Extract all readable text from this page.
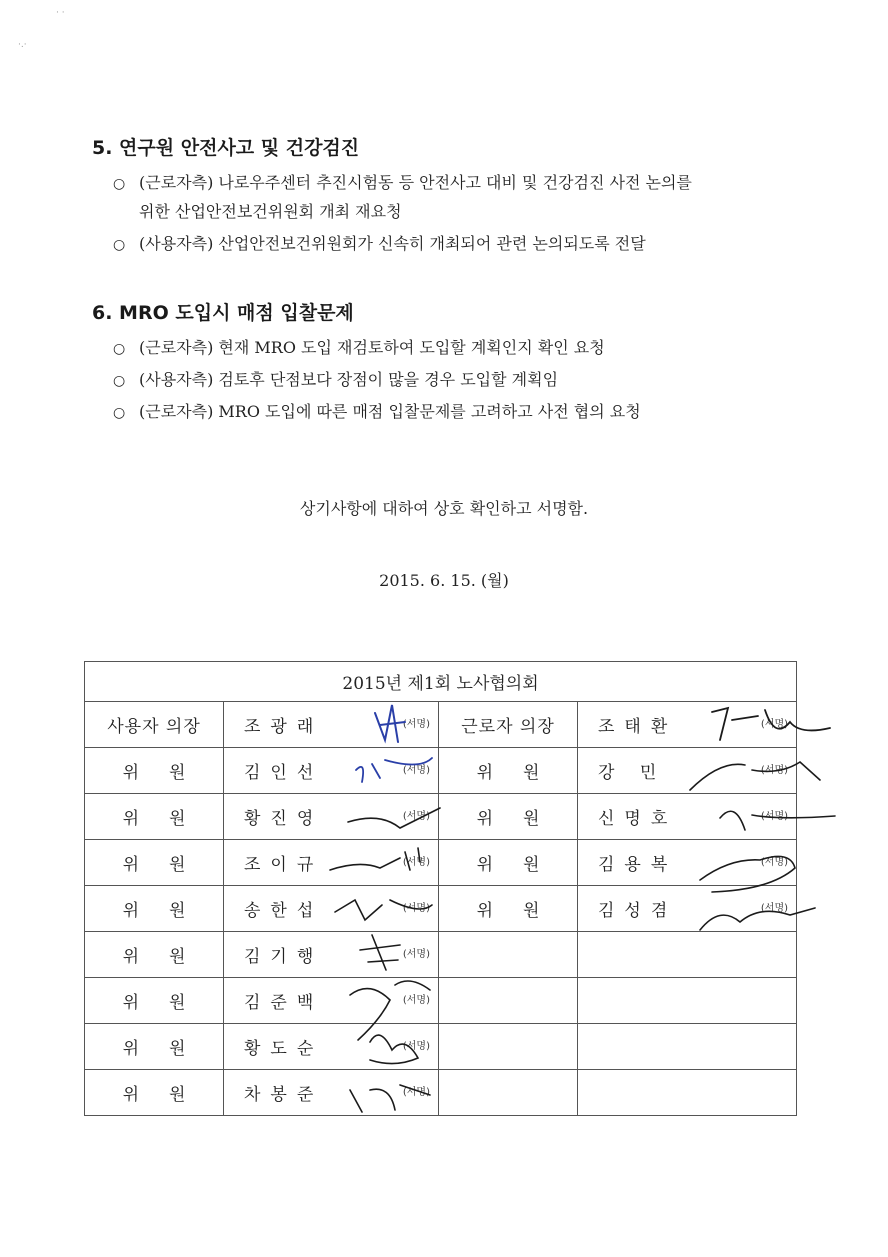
5. 연구원 안전사고 및 건강검진
○ (근로자측) 나로우주센터 추진시험동 등 안전사고 대비 및 건강검진 사전 논의를
위한 산업안전보건위원회 개최 재요청
○ (사용자측) 산업안전보건위원회가 신속히 개최되어 관련 논의되도록 전달
6. MRO 도입시 매점 입찰문제
○ (근로자측) 현재 MRO 도입 재검토하여 도입할 계획인지 확인 요청
○ (사용자측) 검토후 단점보다 장점이 많을 경우 도입할 계획임
○ (근로자측) MRO 도입에 따른 매점 입찰문제를 고려하고 사전 협의 요청
상기사항에 대하여 상호 확인하고 서명함.
2015. 6. 15. (월)
2015년 제1회 노사협의회			
사용자 의장	조광래 (서명)	근로자 의장	조태환 (서명)

위원	김인선 (서명)	위원	강 민 (서명)

위원	황진영 (서명)	위원	신명호 (서명)

위원	조이규 (서명)	위원	김용복 (서명)

위원	송한섭 (서명)	위원	김성겸 (서명)

위원	김기행 (서명)		

위원	김준백 (서명)		

위원	황도순 (서명)		

위원	차봉준 (서명)		

· ·
·.·
